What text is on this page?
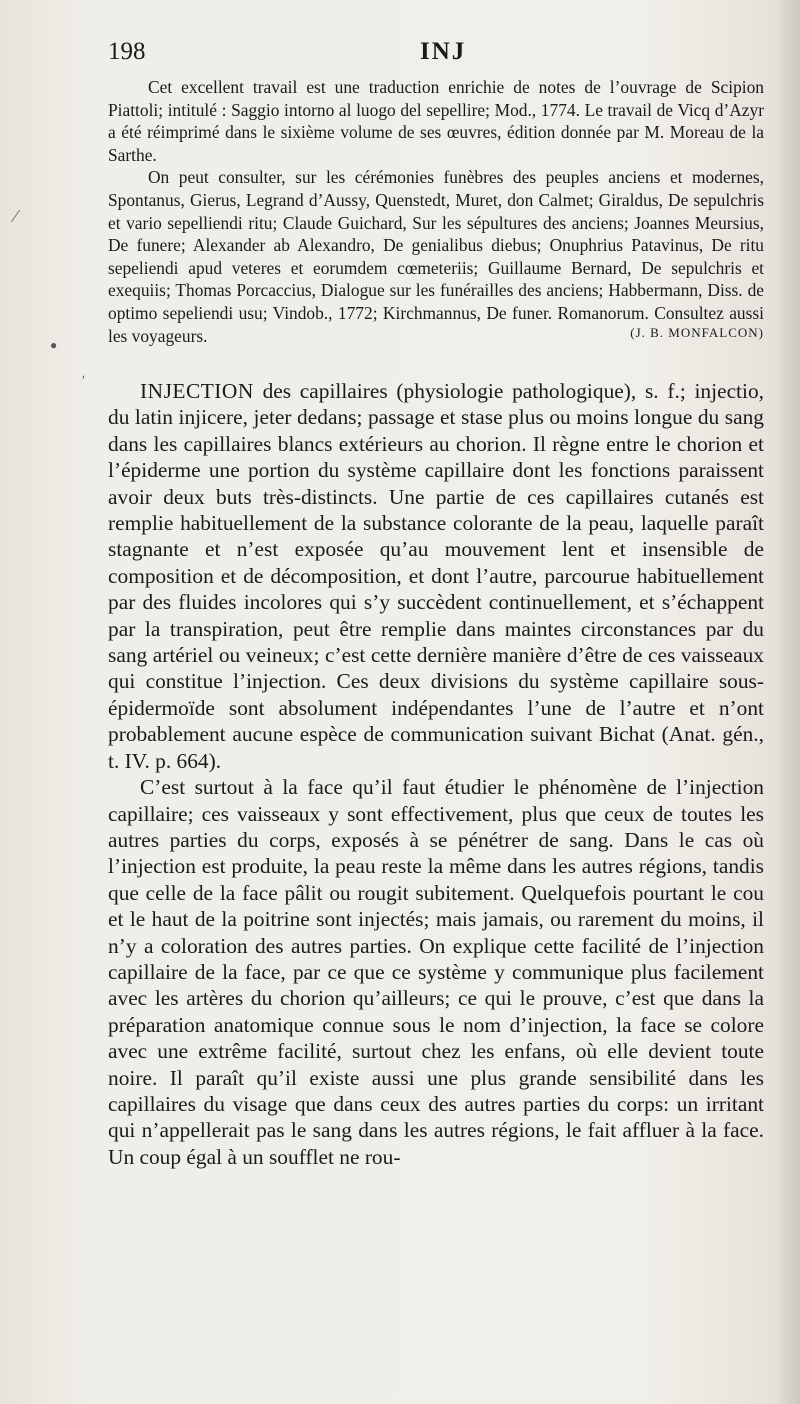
198	INJ
⁄
●
ʹ

Cet excellent travail est une traduction enrichie de notes de l’ouvrage de Scipion Piattoli; intitulé : Saggio intorno al luogo del sepellire; Mod., 1774. Le travail de Vicq d’Azyr a été réimprimé dans le sixième volume de ses œuvres, édition donnée par M. Moreau de la Sarthe.

On peut consulter, sur les cérémonies funèbres des peuples anciens et modernes, Spontanus, Gierus, Legrand d’Aussy, Quenstedt, Muret, don Calmet; Giraldus, De sepulchris et vario sepelliendi ritu; Claude Guichard, Sur les sépultures des anciens; Joannes Meursius, De funere; Alexander ab Alexandro, De genialibus diebus; Onuphrius Patavinus, De ritu sepeliendi apud veteres et eorumdem cœmeteriis; Guillaume Bernard, De sepulchris et exequiis; Thomas Porcaccius, Dialogue sur les funérailles des anciens; Habbermann, Diss. de optimo sepeliendi usu; Vindob., 1772; Kirchmannus, De funer. Romanorum. Consultez aussi les voyageurs.	(J. B. MONFALCON)

INJECTION des capillaires (physiologie pathologique), s. f.; injectio, du latin injicere, jeter dedans; passage et stase plus ou moins longue du sang dans les capillaires blancs extérieurs au chorion. Il règne entre le chorion et l’épiderme une portion du système capillaire dont les fonctions paraissent avoir deux buts très-distincts. Une partie de ces capillaires cutanés est remplie habituellement de la substance colorante de la peau, laquelle paraît stagnante et n’est exposée qu’au mouvement lent et insensible de composition et de décomposition, et dont l’autre, parcourue habituellement par des fluides incolores qui s’y succèdent continuellement, et s’échappent par la transpiration, peut être remplie dans maintes circonstances par du sang artériel ou veineux; c’est cette dernière manière d’être de ces vaisseaux qui constitue l’injection. Ces deux divisions du système capillaire sous-épidermoïde sont absolument indépendantes l’une de l’autre et n’ont probablement aucune espèce de communication suivant Bichat (Anat. gén., t. IV. p. 664).

C’est surtout à la face qu’il faut étudier le phénomène de l’injection capillaire; ces vaisseaux y sont effectivement, plus que ceux de toutes les autres parties du corps, exposés à se pénétrer de sang. Dans le cas où l’injection est produite, la peau reste la même dans les autres régions, tandis que celle de la face pâlit ou rougit subitement. Quelquefois pourtant le cou et le haut de la poitrine sont injectés; mais jamais, ou rarement du moins, il n’y a coloration des autres parties. On explique cette facilité de l’injection capillaire de la face, par ce que ce système y communique plus facilement avec les artères du chorion qu’ailleurs; ce qui le prouve, c’est que dans la préparation anatomique connue sous le nom d’injection, la face se colore avec une extrême facilité, surtout chez les enfans, où elle devient toute noire. Il paraît qu’il existe aussi une plus grande sensibilité dans les capillaires du visage que dans ceux des autres parties du corps: un irritant qui n’appellerait pas le sang dans les autres régions, le fait affluer à la face. Un coup égal à un soufflet ne rou-
